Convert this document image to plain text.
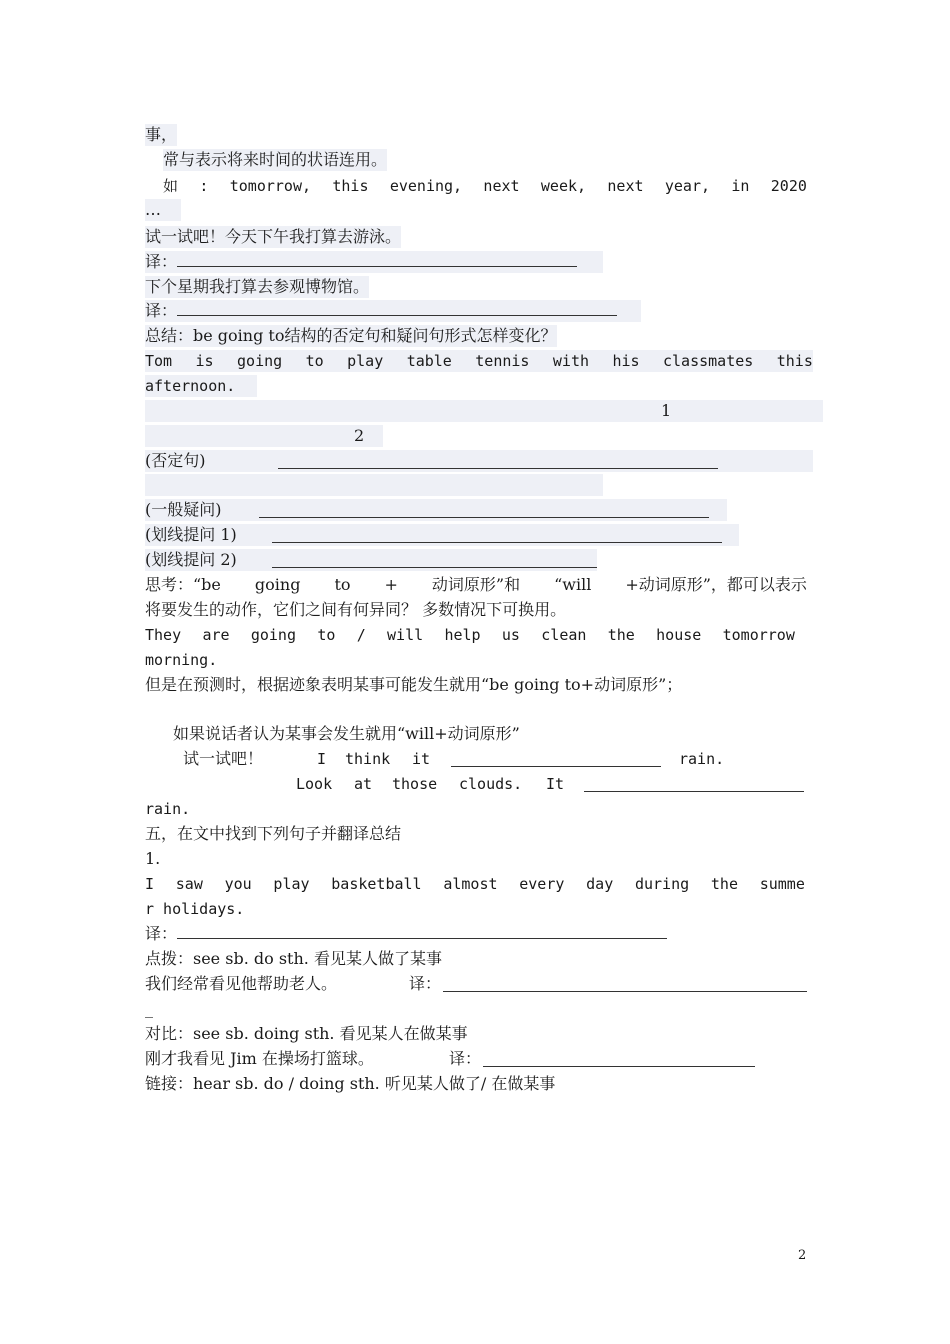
事，
常与表示将来时间的状语连用。
如 : tomorrow, this evening, next week, next year, in 2020
…
试一试吧！今天下午我打算去游泳。
译：
下个星期我打算去参观博物馆。
译：
总结：be going to结构的否定句和疑问句形式怎样变化？
Tom is going to play table tennis with his classmates this
afternoon.
1
2
(否定句)
(一般疑问)
(划线提问 1)
(划线提问 2)
思考：“be going to + 动词原形”和 “will +动词原形”，都可以表示
将要发生的动作，它们之间有何异同？ 多数情况下可换用。
They are going to / will help us clean the house tomorrow
morning.
但是在预测时，根据迹象表明某事可能发生就用“be going to+动词原形”；
如果说话者认为某事会发生就用“will+动词原形”
试一试吧！	I think it	rain.
Look at those clouds. It
rain.
五，在文中找到下列句子并翻译总结
1.
I saw you play basketball almost every day during the summe
r holidays.
译：
点拨：see sb. do sth. 看见某人做了某事
我们经常看见他帮助老人。	译：
_
对比：see sb. doing sth. 看见某人在做某事
刚才我看见 Jim 在操场打篮球。	译：
链接：hear sb. do / doing sth. 听见某人做了/ 在做某事
2
